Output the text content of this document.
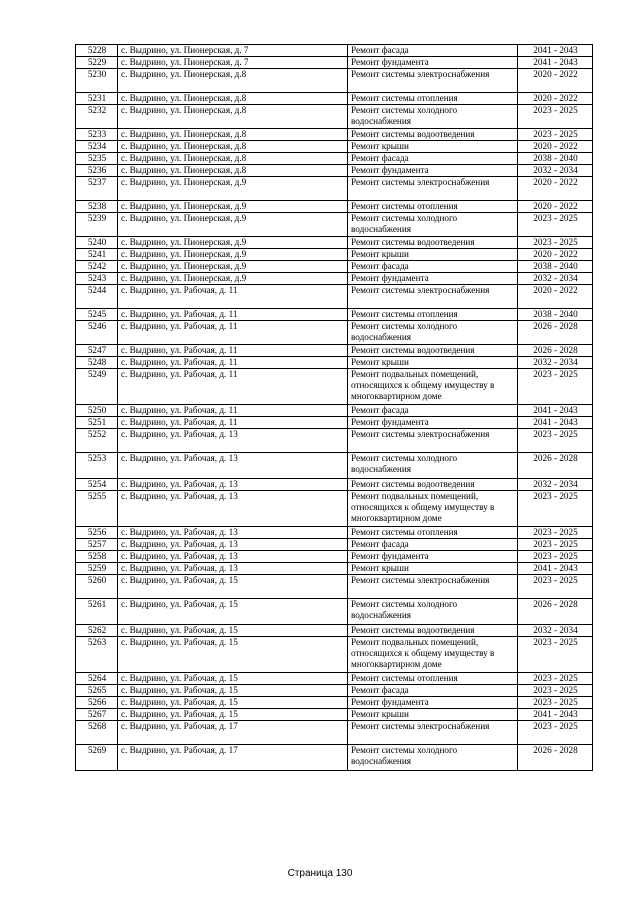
5228	с. Выдрино, ул. Пионерская, д. 7	Ремонт фасада	2041 - 2043
5229	с. Выдрино, ул. Пионерская, д. 7	Ремонт фундамента	2041 - 2043
5230	с. Выдрино, ул. Пионерская, д.8	Ремонт системы электроснабжения	2020 - 2022
5231	с. Выдрино, ул. Пионерская, д.8	Ремонт системы отопления	2020 - 2022
5232	с. Выдрино, ул. Пионерская, д.8	Ремонт системы холодного водоснабжения	2023 - 2025
5233	с. Выдрино, ул. Пионерская, д.8	Ремонт системы водоотведения	2023 - 2025
5234	с. Выдрино, ул. Пионерская, д.8	Ремонт крыши	2020 - 2022
5235	с. Выдрино, ул. Пионерская, д.8	Ремонт фасада	2038 - 2040
5236	с. Выдрино, ул. Пионерская, д.8	Ремонт фундамента	2032 - 2034
5237	с. Выдрино, ул. Пионерская, д.9	Ремонт системы электроснабжения	2020 - 2022
5238	с. Выдрино, ул. Пионерская, д.9	Ремонт системы отопления	2020 - 2022
5239	с. Выдрино, ул. Пионерская, д.9	Ремонт системы холодного водоснабжения	2023 - 2025
5240	с. Выдрино, ул. Пионерская, д.9	Ремонт системы водоотведения	2023 - 2025
5241	с. Выдрино, ул. Пионерская, д.9	Ремонт крыши	2020 - 2022
5242	с. Выдрино, ул. Пионерская, д.9	Ремонт фасада	2038 - 2040
5243	с. Выдрино, ул. Пионерская, д.9	Ремонт фундамента	2032 - 2034
5244	с. Выдрино, ул. Рабочая, д. 11	Ремонт системы электроснабжения	2020 - 2022
5245	с. Выдрино, ул. Рабочая, д. 11	Ремонт системы отопления	2038 - 2040
5246	с. Выдрино, ул. Рабочая, д. 11	Ремонт системы холодного водоснабжения	2026 - 2028
5247	с. Выдрино, ул. Рабочая, д. 11	Ремонт системы водоотведения	2026 - 2028
5248	с. Выдрино, ул. Рабочая, д. 11	Ремонт крыши	2032 - 2034
5249	с. Выдрино, ул. Рабочая, д. 11	Ремонт подвальных помещений, относящихся к общему имуществу в многоквартирном доме	2023 - 2025
5250	с. Выдрино, ул. Рабочая, д. 11	Ремонт фасада	2041 - 2043
5251	с. Выдрино, ул. Рабочая, д. 11	Ремонт фундамента	2041 - 2043
5252	с. Выдрино, ул. Рабочая, д. 13	Ремонт системы электроснабжения	2023 - 2025
5253	с. Выдрино, ул. Рабочая, д. 13	Ремонт системы холодного водоснабжения	2026 - 2028
5254	с. Выдрино, ул. Рабочая, д. 13	Ремонт системы водоотведения	2032 - 2034
5255	с. Выдрино, ул. Рабочая, д. 13	Ремонт подвальных помещений, относящихся к общему имуществу в многоквартирном доме	2023 - 2025
5256	с. Выдрино, ул. Рабочая, д. 13	Ремонт системы отопления	2023 - 2025
5257	с. Выдрино, ул. Рабочая, д. 13	Ремонт фасада	2023 - 2025
5258	с. Выдрино, ул. Рабочая, д. 13	Ремонт фундамента	2023 - 2025
5259	с. Выдрино, ул. Рабочая, д. 13	Ремонт крыши	2041 - 2043
5260	с. Выдрино, ул. Рабочая, д. 15	Ремонт системы электроснабжения	2023 - 2025
5261	с. Выдрино, ул. Рабочая, д. 15	Ремонт системы холодного водоснабжения	2026 - 2028
5262	с. Выдрино, ул. Рабочая, д. 15	Ремонт системы водоотведения	2032 - 2034
5263	с. Выдрино, ул. Рабочая, д. 15	Ремонт подвальных помещений, относящихся к общему имуществу в многоквартирном доме	2023 - 2025
5264	с. Выдрино, ул. Рабочая, д. 15	Ремонт системы отопления	2023 - 2025
5265	с. Выдрино, ул. Рабочая, д. 15	Ремонт фасада	2023 - 2025
5266	с. Выдрино, ул. Рабочая, д. 15	Ремонт фундамента	2023 - 2025
5267	с. Выдрино, ул. Рабочая, д. 15	Ремонт крыши	2041 - 2043
5268	с. Выдрино, ул. Рабочая, д. 17	Ремонт системы электроснабжения	2023 - 2025
5269	с. Выдрино, ул. Рабочая, д. 17	Ремонт системы холодного водоснабжения	2026 - 2028
Страница 130
